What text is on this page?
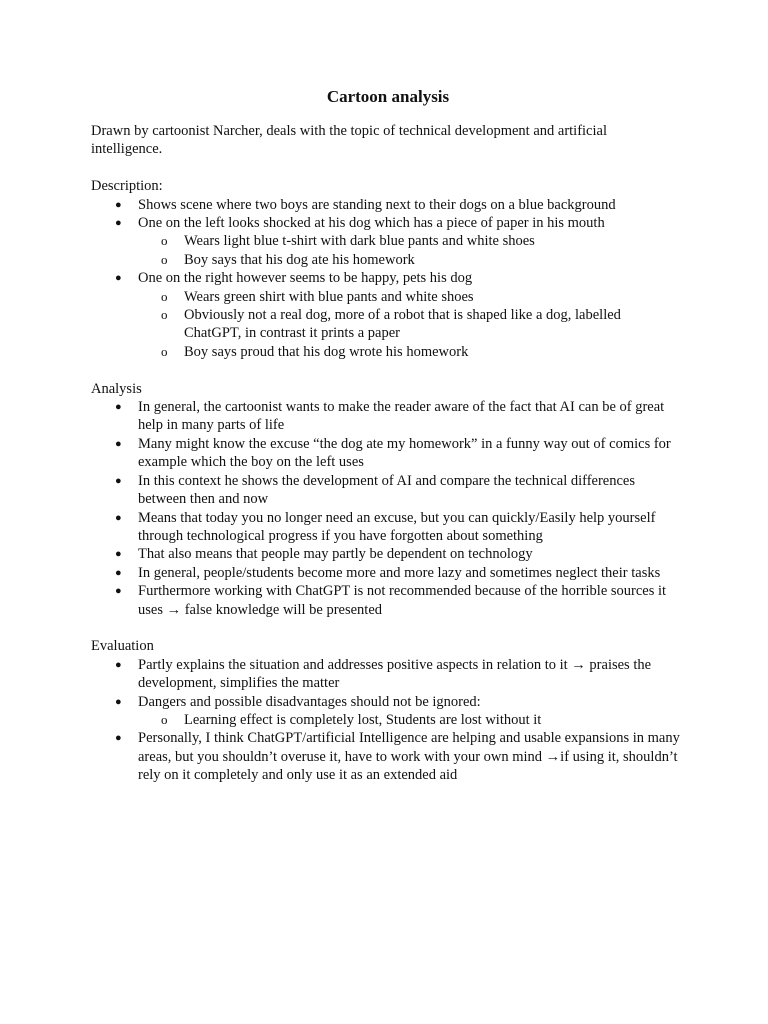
Cartoon analysis

Drawn by cartoonist Narcher, deals with the topic of technical development and artificial intelligence.

Description:

● Shows scene where two boys are standing next to their dogs on a blue background
● One on the left looks shocked at his dog which has a piece of paper in his mouth
o Wears light blue t-shirt with dark blue pants and white shoes
o Boy says that his dog ate his homework
● One on the right however seems to be happy, pets his dog
o Wears green shirt with blue pants and white shoes
o Obviously not a real dog, more of a robot that is shaped like a dog, labelled ChatGPT, in contrast it prints a paper
o Boy says proud that his dog wrote his homework

Analysis

● In general, the cartoonist wants to make the reader aware of the fact that AI can be of great help in many parts of life
● Many might know the excuse “the dog ate my homework” in a funny way out of comics for example which the boy on the left uses
● In this context he shows the development of AI and compare the technical differences between then and now
● Means that today you no longer need an excuse, but you can quickly/Easily help yourself through technological progress if you have forgotten about something
● That also means that people may partly be dependent on technology
● In general, people/students become more and more lazy and sometimes neglect their tasks
● Furthermore working with ChatGPT is not recommended because of the horrible sources it uses → false knowledge will be presented

Evaluation

● Partly explains the situation and addresses positive aspects in relation to it → praises the development, simplifies the matter
● Dangers and possible disadvantages should not be ignored:
o Learning effect is completely lost, Students are lost without it
● Personally, I think ChatGPT/artificial Intelligence are helping and usable expansions in many areas, but you shouldn’t overuse it, have to work with your own mind →if using it, shouldn’t rely on it completely and only use it as an extended aid
